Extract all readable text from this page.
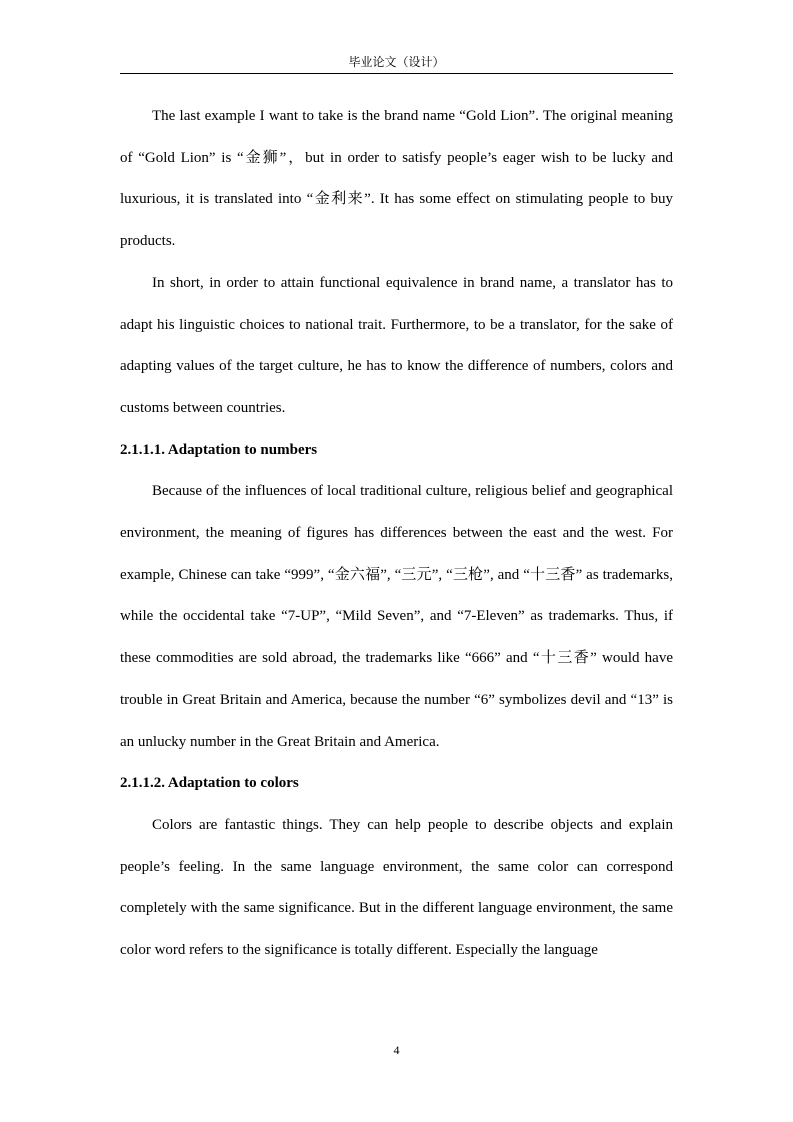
毕业论文（设计）

The last example I want to take is the brand name “Gold Lion”. The original meaning of “Gold Lion” is “金狮”，but in order to satisfy people’s eager wish to be lucky and luxurious, it is translated into “金利来”. It has some effect on stimulating people to buy products.

In short, in order to attain functional equivalence in brand name, a translator has to adapt his linguistic choices to national trait. Furthermore, to be a translator, for the sake of adapting values of the target culture, he has to know the difference of numbers, colors and customs between countries.

2.1.1.1. Adaptation to numbers

Because of the influences of local traditional culture, religious belief and geographical environment, the meaning of figures has differences between the east and the west. For example, Chinese can take “999”, “金六福”, “三元”, “三枪”, and “十三香” as trademarks, while the occidental take “7-UP”, “Mild Seven”, and “7-Eleven” as trademarks. Thus, if these commodities are sold abroad, the trademarks like “666” and “十三香” would have trouble in Great Britain and America, because the number “6” symbolizes devil and “13” is an unlucky number in the Great Britain and America.

2.1.1.2. Adaptation to colors

Colors are fantastic things. They can help people to describe objects and explain people’s feeling. In the same language environment, the same color can correspond completely with the same significance. But in the different language environment, the same color word refers to the significance is totally different. Especially the language

4
